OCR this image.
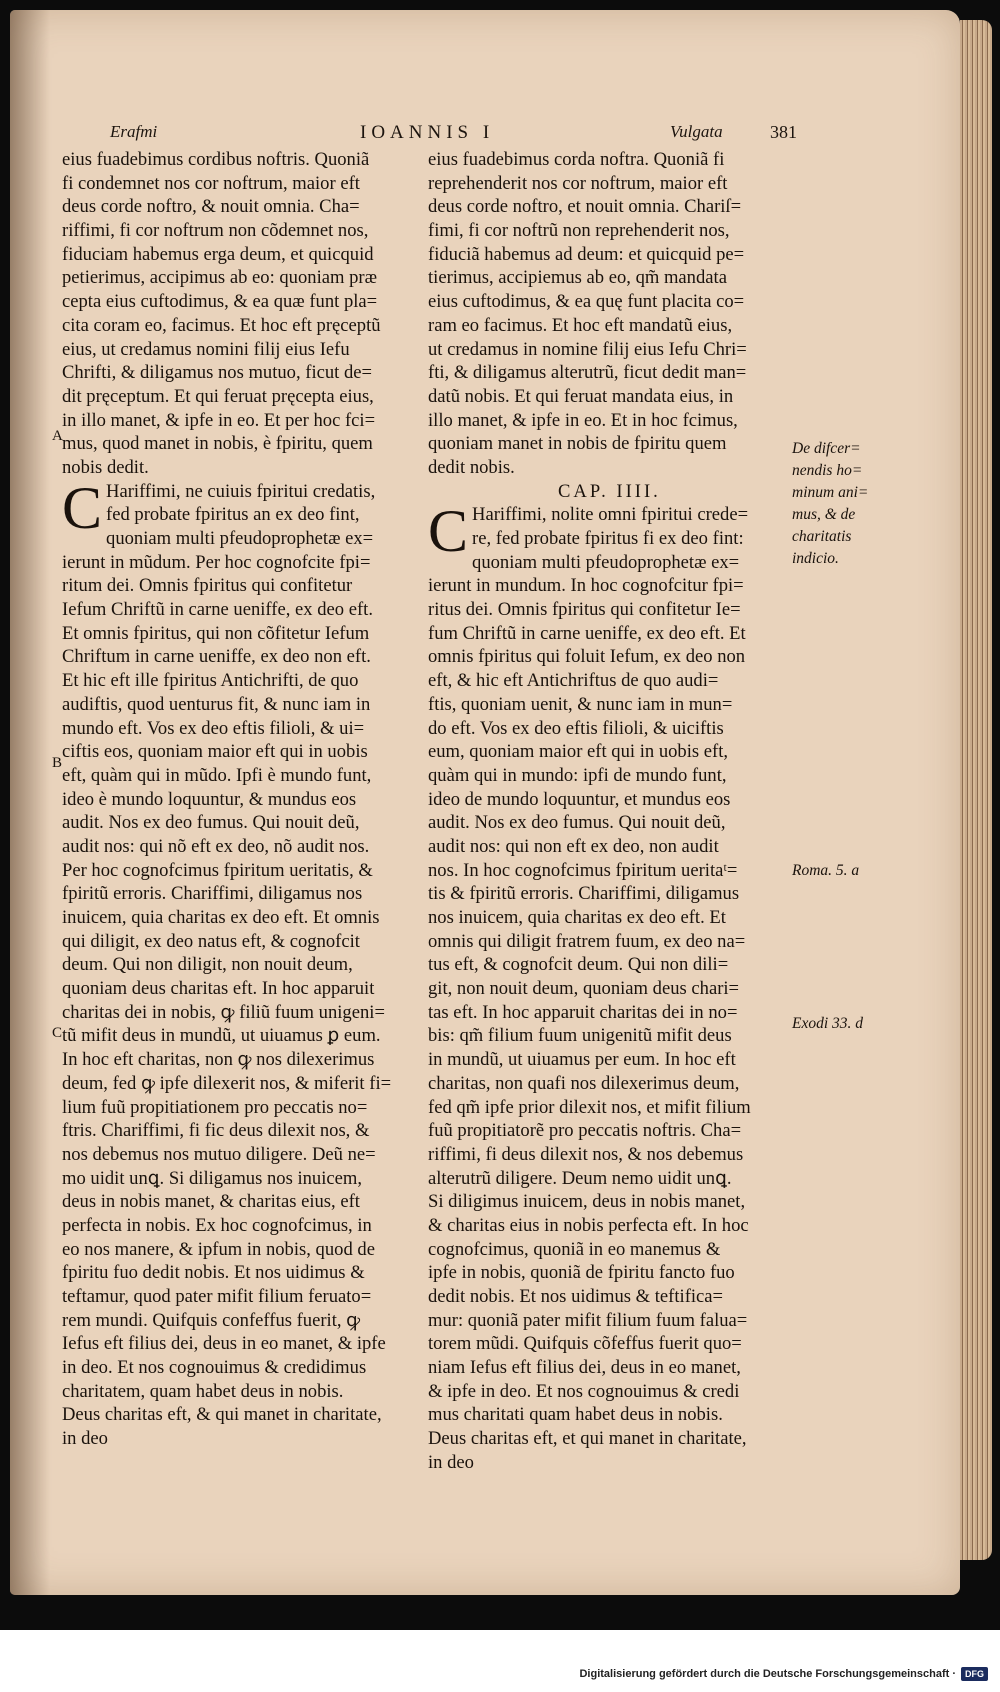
Erafmi	IOANNIS I	Vulgata	381
A
B
C
eius fuadebimus cordibus noftris. Quoniã
fi condemnet nos cor noftrum, maior eft
deus corde noftro, & nouit omnia. Cha=
riffimi, fi cor noftrum non cõdemnet nos,
fiduciam habemus erga deum, et quicquid
petierimus, accipimus ab eo: quoniam præ
cepta eius cuftodimus, & ea quæ funt pla=
cita coram eo, facimus. Et hoc eft pręceptũ
eius, ut credamus nomini filij eius Iefu
Chrifti, & diligamus nos mutuo, ficut de=
dit pręceptum. Et qui feruat pręcepta eius,
in illo manet, & ipfe in eo. Et per hoc fci=
mus, quod manet in nobis, è fpiritu, quem
nobis dedit.
C Hariffimi, ne cuiuis fpiritui credatis,
fed probate fpiritus an ex deo fint,
quoniam multi pfeudoprophetæ ex=
ierunt in mũdum. Per hoc cognofcite fpi=
ritum dei. Omnis fpiritus qui confitetur
Iefum Chriftũ in carne ueniffe, ex deo eft.
Et omnis fpiritus, qui non cõfitetur Iefum
Chriftum in carne ueniffe, ex deo non eft.
Et hic eft ille fpiritus Antichrifti, de quo
audiftis, quod uenturus fit, & nunc iam in
mundo eft. Vos ex deo eftis filioli, & ui=
ciftis eos, quoniam maior eft qui in uobis
eft, quàm qui in mũdo. Ipfi è mundo funt,
ideo è mundo loquuntur, & mundus eos
audit. Nos ex deo fumus. Qui nouit deũ,
audit nos: qui nõ eft ex deo, nõ audit nos.
Per hoc cognofcimus fpiritum ueritatis, &
fpiritũ erroris. Chariffimi, diligamus nos
inuicem, quia charitas ex deo eft. Et omnis
qui diligit, ex deo natus eft, & cognofcit
deum. Qui non diligit, non nouit deum,
quoniam deus charitas eft. In hoc apparuit
charitas dei in nobis, ꝙ filiũ fuum unigeni=
tũ mifit deus in mundũ, ut uiuamus ꝑ eum.
In hoc eft charitas, non ꝙ nos dilexerimus
deum, fed ꝙ ipfe dilexerit nos, & miferit fi=
lium fuũ propitiationem pro peccatis no=
ftris. Chariffimi, fi fic deus dilexit nos, &
nos debemus nos mutuo diligere. Deũ ne=
mo uidit unꝗ. Si diligamus nos inuicem,
deus in nobis manet, & charitas eius, eft
perfecta in nobis. Ex hoc cognofcimus, in
eo nos manere, & ipfum in nobis, quod de
fpiritu fuo dedit nobis. Et nos uidimus &
teftamur, quod pater mifit filium feruato=
rem mundi. Quifquis confeffus fuerit, ꝙ
Iefus eft filius dei, deus in eo manet, & ipfe
in deo. Et nos cognouimus & credidimus
charitatem, quam habet deus in nobis.
Deus charitas eft, & qui manet in charitate,
in deo
eius fuadebimus corda noftra. Quoniã fi
reprehenderit nos cor noftrum, maior eft
deus corde noftro, et nouit omnia. Chariſ=
fimi, fi cor noftrũ non reprehenderit nos,
fiduciã habemus ad deum: et quicquid pe=
tierimus, accipiemus ab eo, qm̃ mandata
eius cuftodimus, & ea quę funt placita co=
ram eo facimus. Et hoc eft mandatũ eius,
ut credamus in nomine filij eius Iefu Chri=
fti, & diligamus alterutrũ, ficut dedit man=
datũ nobis. Et qui feruat mandata eius, in
illo manet, & ipfe in eo. Et in hoc fcimus,
quoniam manet in nobis de fpiritu quem
dedit nobis.
CAP. IIII.
C Hariffimi, nolite omni fpiritui crede=
re, fed probate fpiritus fi ex deo fint:
quoniam multi pfeudoprophetæ ex=
ierunt in mundum. In hoc cognofcitur fpi=
ritus dei. Omnis fpiritus qui confitetur Ie=
fum Chriftũ in carne ueniffe, ex deo eft. Et
omnis fpiritus qui foluit Iefum, ex deo non
eft, & hic eft Antichriftus de quo audi=
ftis, quoniam uenit, & nunc iam in mun=
do eft. Vos ex deo eftis filioli, & uiciftis
eum, quoniam maior eft qui in uobis eft,
quàm qui in mundo: ipfi de mundo funt,
ideo de mundo loquuntur, et mundus eos
audit. Nos ex deo fumus. Qui nouit deũ,
audit nos: qui non eft ex deo, non audit
nos. In hoc cognofcimus fpiritum ueritaᵗ=
tis & fpiritũ erroris. Chariffimi, diligamus
nos inuicem, quia charitas ex deo eft. Et
omnis qui diligit fratrem fuum, ex deo na=
tus eft, & cognofcit deum. Qui non dili=
git, non nouit deum, quoniam deus chari=
tas eft. In hoc apparuit charitas dei in no=
bis: qm̃ filium fuum unigenitũ mifit deus
in mundũ, ut uiuamus per eum. In hoc eft
charitas, non quafi nos dilexerimus deum,
fed qm̃ ipfe prior dilexit nos, et mifit filium
fuũ propitiatorẽ pro peccatis noftris. Cha=
riffimi, fi deus dilexit nos, & nos debemus
alterutrũ diligere. Deum nemo uidit unꝗ.
Si diligimus inuicem, deus in nobis manet,
& charitas eius in nobis perfecta eft. In hoc
cognofcimus, quoniã in eo manemus &
ipfe in nobis, quoniã de fpiritu fancto fuo
dedit nobis. Et nos uidimus & teftifica=
mur: quoniã pater mifit filium fuum falua=
torem mũdi. Quifquis cõfeffus fuerit quo=
niam Iefus eft filius dei, deus in eo manet,
& ipfe in deo. Et nos cognouimus & credi
mus charitati quam habet deus in nobis.
Deus charitas eft, et qui manet in charitate,
in deo
De difcer=
nendis ho=
minum ani=
mus, & de
charitatis
indicio.
Roma. 5. a
Exodi 33. d
Digitalisierung gefördert durch die Deutsche Forschungsgemeinschaft ·	DFG
